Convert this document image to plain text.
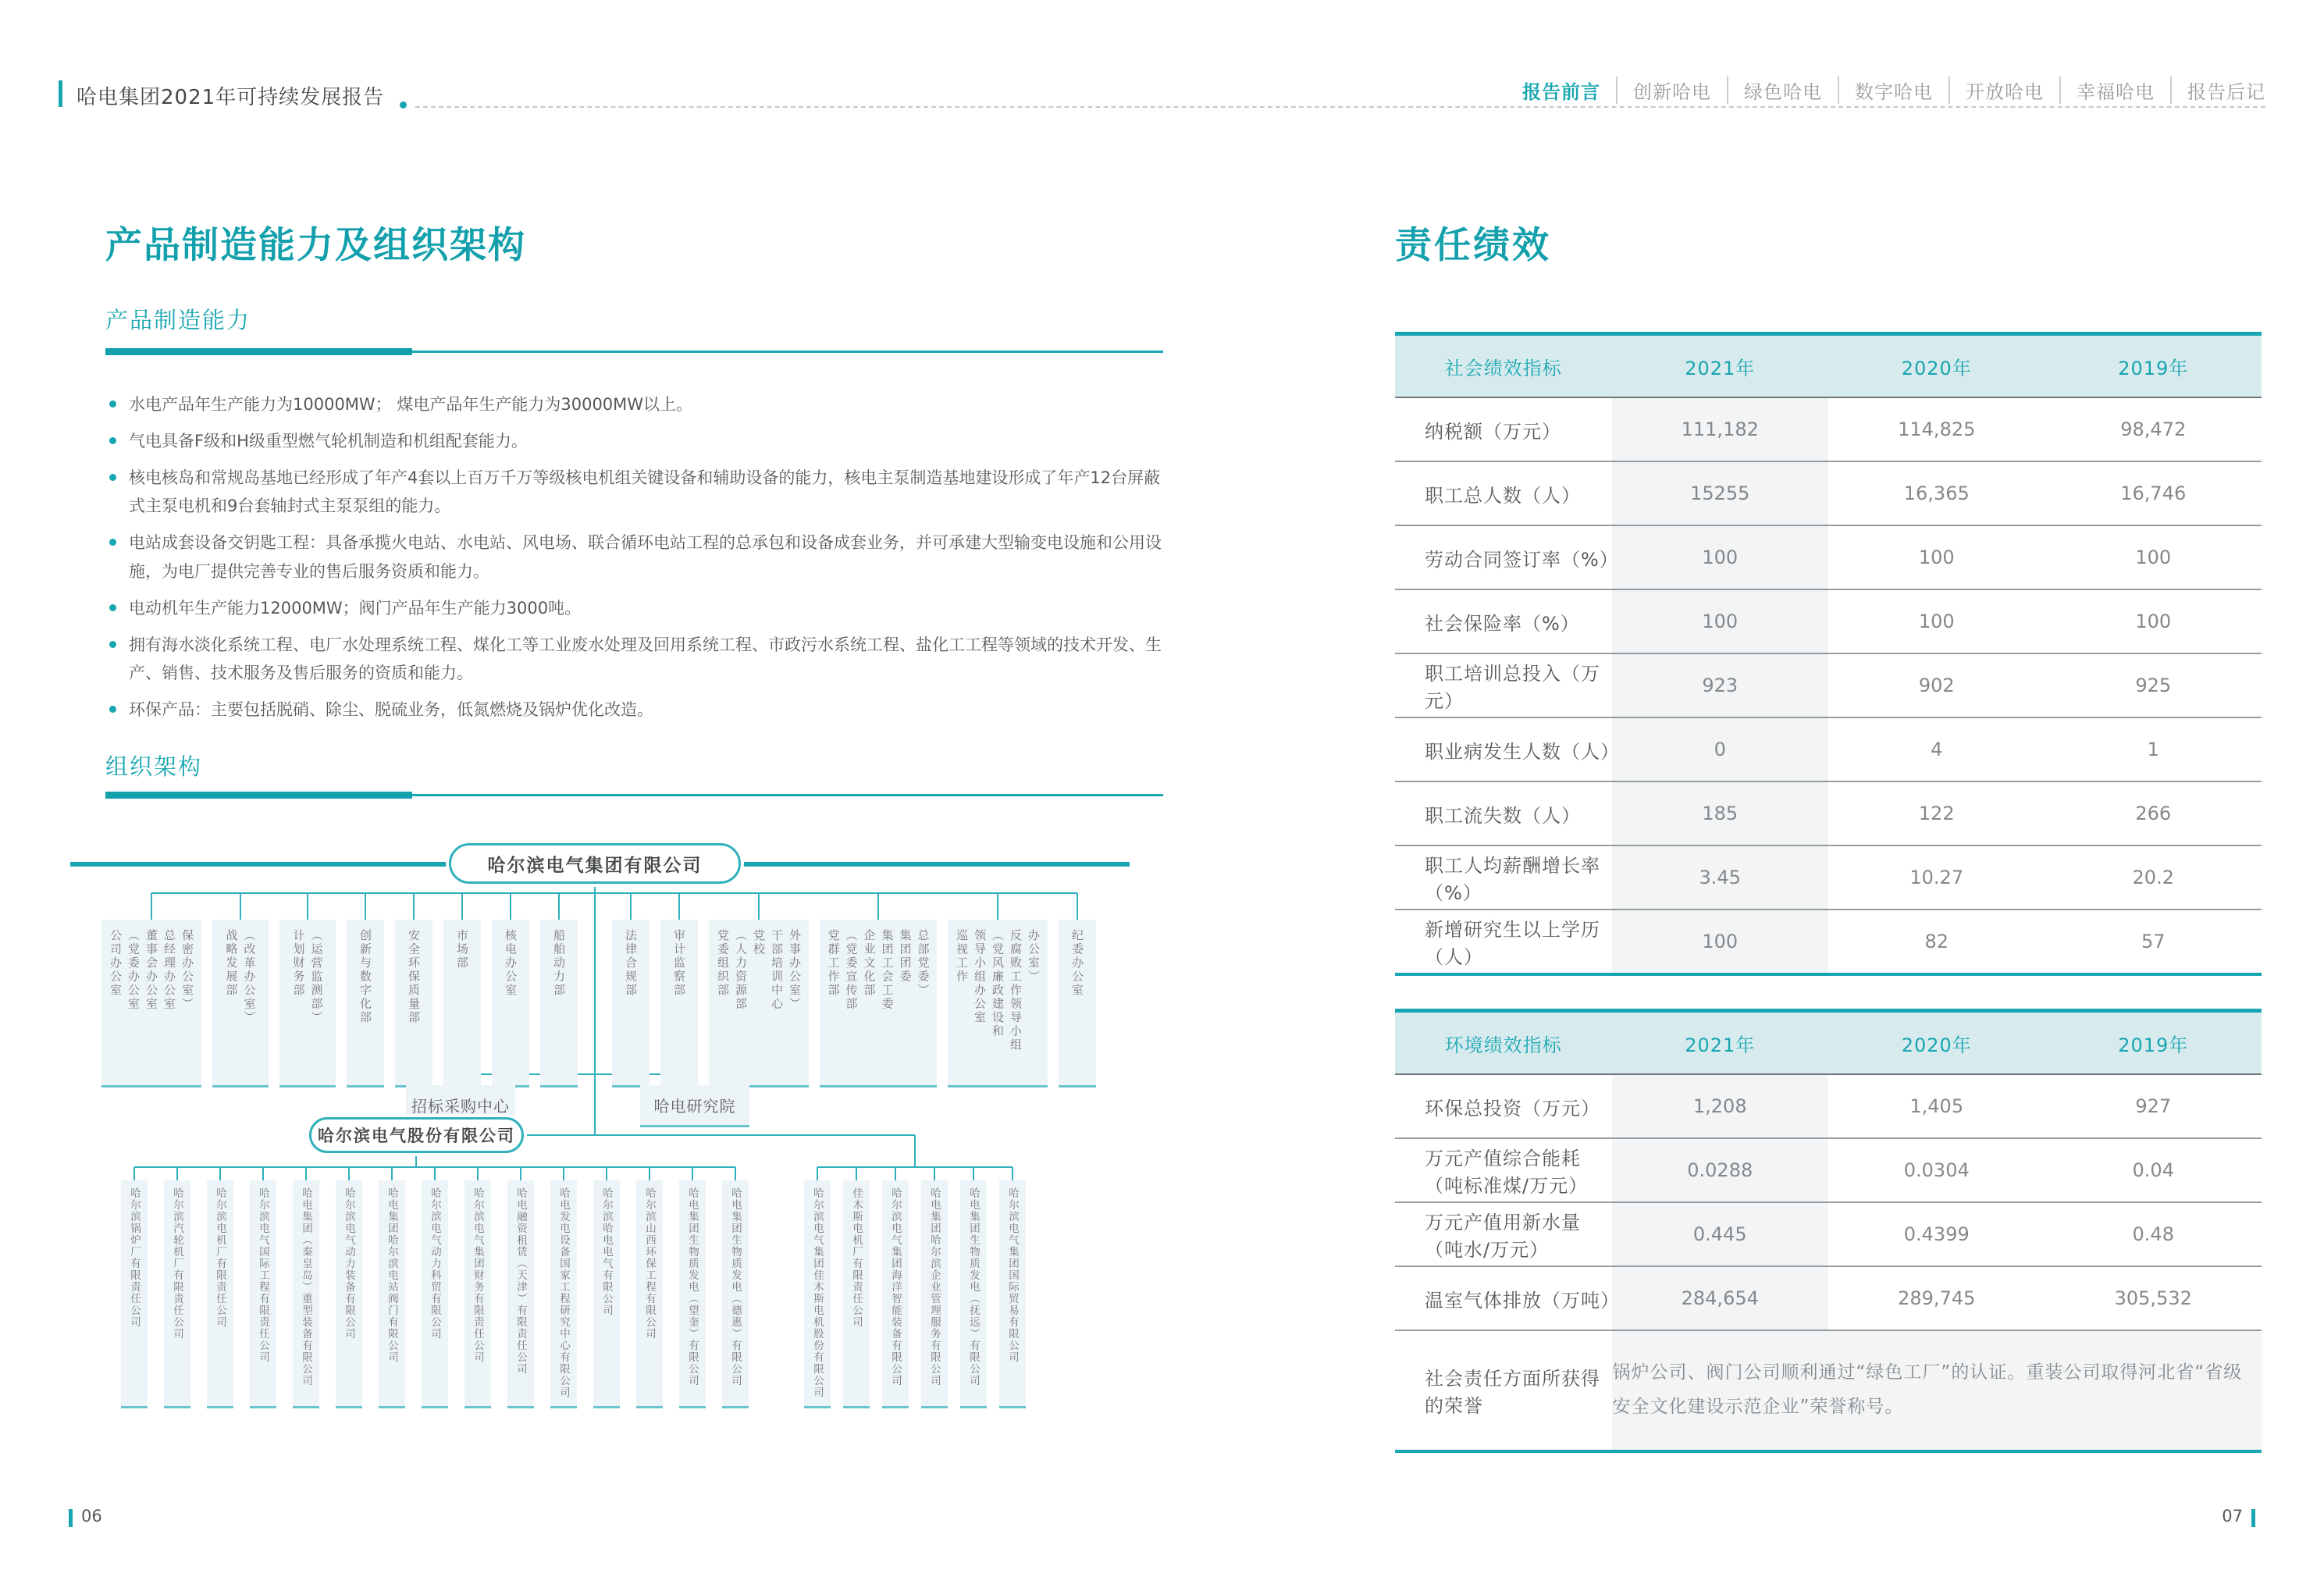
哈电集团2021年可持续发展报告	报告前言	创新哈电	绿色哈电	数字哈电	开放哈电	幸福哈电	报告后记
产品制造能力及组织架构
产品制造能力
水电产品年生产能力为10000MW； 煤电产品年生产能力为30000MW以上。
气电具备F级和H级重型燃气轮机制造和机组配套能力。
核电核岛和常规岛基地已经形成了年产4套以上百万千万等级核电机组关键设备和辅助设备的能力，核电主泵制造基地建设形成了年产12台屏蔽式主泵电机和9台套轴封式主泵泵组的能力。
电站成套设备交钥匙工程：具备承揽火电站、水电站、风电场、联合循环电站工程的总承包和设备成套业务，并可承建大型输变电设施和公用设施，为电厂提供完善专业的售后服务资质和能力。
电动机年生产能力12000MW；阀门产品年生产能力3000吨。
拥有海水淡化系统工程、电厂水处理系统工程、煤化工等工业废水处理及回用系统工程、市政污水系统工程、盐化工工程等领域的技术开发、生产、销售、技术服务及售后服务的资质和能力。
环保产品：主要包括脱硝、除尘、脱硫业务，低氮燃烧及锅炉优化改造。
组织架构
公司办公室 （党委办公室 董事会办公室 总经理办公室 保密办公室）	战略发展部 （改革办公室）	计划财务部 （运营监测部）	创新与数字化部	安全环保质量部	市场部	核电办公室	船舶动力部	法律合规部	审计监察部	党委组织部 （人力资源部 党校 干部培训中心 外事办公室） 党群工作部 （党委宣传部 企业文化部 集团工会工委 集团团委 总部党委） 巡视工作 领导小组办公室 （党风廉政建设和 反腐败工作领导小组 办公室）	纪委办公室
哈尔滨电气集团有限公司
招标采购中心	哈电研究院
哈尔滨电气股份有限公司
哈尔滨锅炉厂有限责任公司	哈尔滨汽轮机厂有限责任公司	哈尔滨电机厂有限责任公司	哈尔滨电气国际工程有限责任公司	哈电集团（秦皇岛）重型装备有限公司	哈尔滨电气动力装备有限公司	哈电集团哈尔滨电站阀门有限公司	哈尔滨电气动力科贸有限公司	哈尔滨电气集团财务有限责任公司	哈电融资租赁（天津）有限责任公司	哈电发电设备国家工程研究中心有限公司	哈尔滨哈电电气有限公司	哈尔滨山西环保工程有限公司	哈电集团生物质发电（望奎）有限公司	哈电集团生物质发电（德惠）有限公司	哈尔滨电气集团佳木斯电机股份有限公司	佳木斯电机厂有限责任公司	哈尔滨电气集团海洋智能装备有限公司	哈电集团哈尔滨企业管理服务有限公司	哈电集团生物质发电（抚远）有限公司	哈尔滨电气集团国际贸易有限公司
责任绩效
社会绩效指标	2021年	2020年	2019年
纳税额（万元）	111,182	114,825	98,472
职工总人数（人）	15255	16,365	16,746
劳动合同签订率（%）	100	100	100
社会保险率（%）	100	100	100
职工培训总投入（万元）	923	902	925
职业病发生人数（人）	0	4	1
职工流失数（人）	185	122	266
职工人均薪酬增长率（%）	3.45	10.27	20.2
新增研究生以上学历（人）	100	82	57
环境绩效指标	2021年	2020年	2019年
环保总投资（万元）	1,208	1,405	927
万元产值综合能耗（吨标准煤/万元）	0.0288	0.0304	0.04
万元产值用新水量（吨水/万元）	0.445	0.4399	0.48
温室气体排放（万吨）	284,654	289,745	305,532
社会责任方面所获得的荣誉	锅炉公司、阀门公司顺利通过“绿色工厂”的认证。重装公司取得河北省“省级安全文化建设示范企业”荣誉称号。		
06	07
